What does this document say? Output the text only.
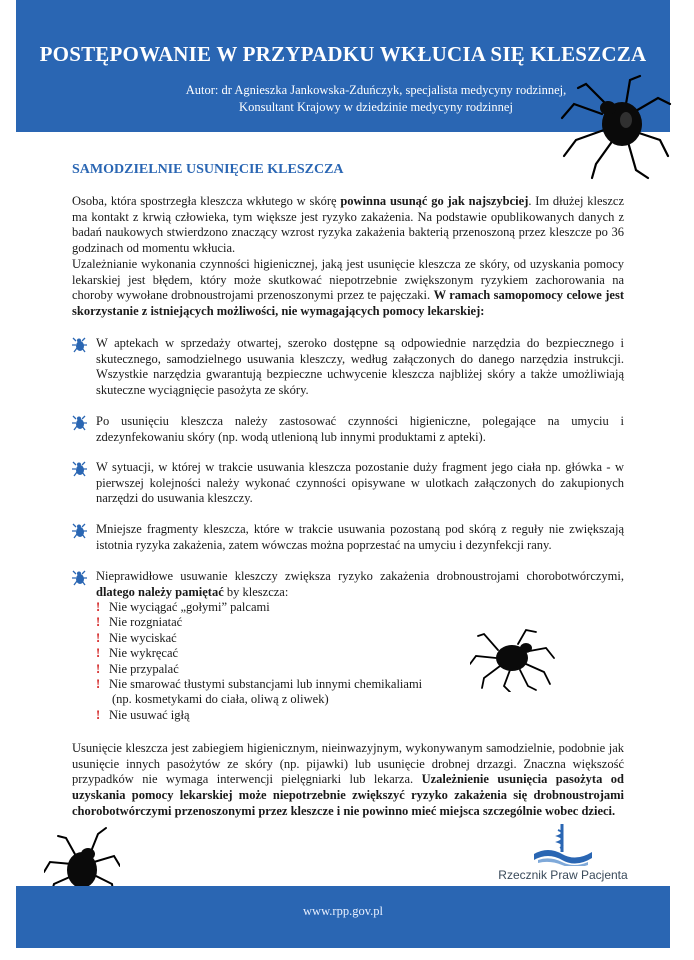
POSTĘPOWANIE W PRZYPADKU WKŁUCIA SIĘ KLESZCZA
Autor: dr Agnieszka Jankowska-Zduńczyk, specjalista medycyny rodzinnej,
Konsultant Krajowy w dziedzinie medycyny rodzinnej
SAMODZIELNIE USUNIĘCIE KLESZCZA
Osoba, która spostrzegła kleszcza wkłutego w skórę powinna usunąć go jak najszybciej. Im dłużej kleszcz ma kontakt z krwią człowieka, tym większe jest ryzyko zakażenia. Na podstawie opublikowanych danych z badań naukowych stwierdzono znaczący wzrost ryzyka zakażenia bakterią przenoszoną przez kleszcze po 36 godzinach od momentu wkłucia.
Uzależnianie wykonania czynności higienicznej, jaką jest usunięcie kleszcza ze skóry, od uzyskania pomocy lekarskiej jest błędem, który może skutkować niepotrzebnie zwiększonym ryzykiem zachorowania na choroby wywołane drobnoustrojami przenoszonymi przez te pajęczaki. W ramach samopomocy celowe jest skorzystanie z istniejących możliwości, nie wymagających pomocy lekarskiej:
W aptekach w sprzedaży otwartej, szeroko dostępne są odpowiednie narzędzia do bezpiecznego i skutecznego, samodzielnego usuwania kleszczy, według załączonych do danego narzędzia instrukcji. Wszystkie narzędzia gwarantują bezpieczne uchwycenie kleszcza najbliżej skóry a także umożliwiają skuteczne wyciągnięcie pasożyta ze skóry.
Po usunięciu kleszcza należy zastosować czynności higieniczne, polegające na umyciu i zdezynfekowaniu skóry (np. wodą utlenioną lub innymi produktami z apteki).
W sytuacji, w której w trakcie usuwania kleszcza pozostanie duży fragment jego ciała np. główka - w pierwszej kolejności należy wykonać czynności opisywane w ulotkach załączonych do zakupionych narzędzi do usuwania kleszczy.
Mniejsze fragmenty kleszcza, które w trakcie usuwania pozostaną pod skórą z reguły nie zwiększają istotnia ryzyka zakażenia, zatem wówczas można poprzestać na umyciu i dezynfekcji rany.
Nieprawidłowe usuwanie kleszczy zwiększa ryzyko zakażenia drobnoustrojami chorobotwórczymi, dlatego należy pamiętać by kleszcza:
! Nie wyciągać „gołymi” palcami
! Nie rozgniatać
! Nie wyciskać
! Nie wykręcać
! Nie przypalać
! Nie smarować tłustymi substancjami lub innymi chemikaliami
(np. kosmetykami do ciała, oliwą z oliwek)
! Nie usuwać igłą
Usunięcie kleszcza jest zabiegiem higienicznym, nieinwazyjnym, wykonywanym samodzielnie, podobnie jak usunięcie innych pasożytów ze skóry (np. pijawki) lub usunięcie drobnej drzazgi. Znaczna większość przypadków nie wymaga interwencji pielęgniarki lub lekarza. Uzależnienie usunięcia pasożyta od uzyskania pomocy lekarskiej może niepotrzebnie zwiększyć ryzyko zakażenia się drobnoustrojami chorobotwórczymi przenoszonymi przez kleszcze i nie powinno mieć miejsca szczególnie wobec dzieci.
Rzecznik Praw Pacjenta
www.rpp.gov.pl
